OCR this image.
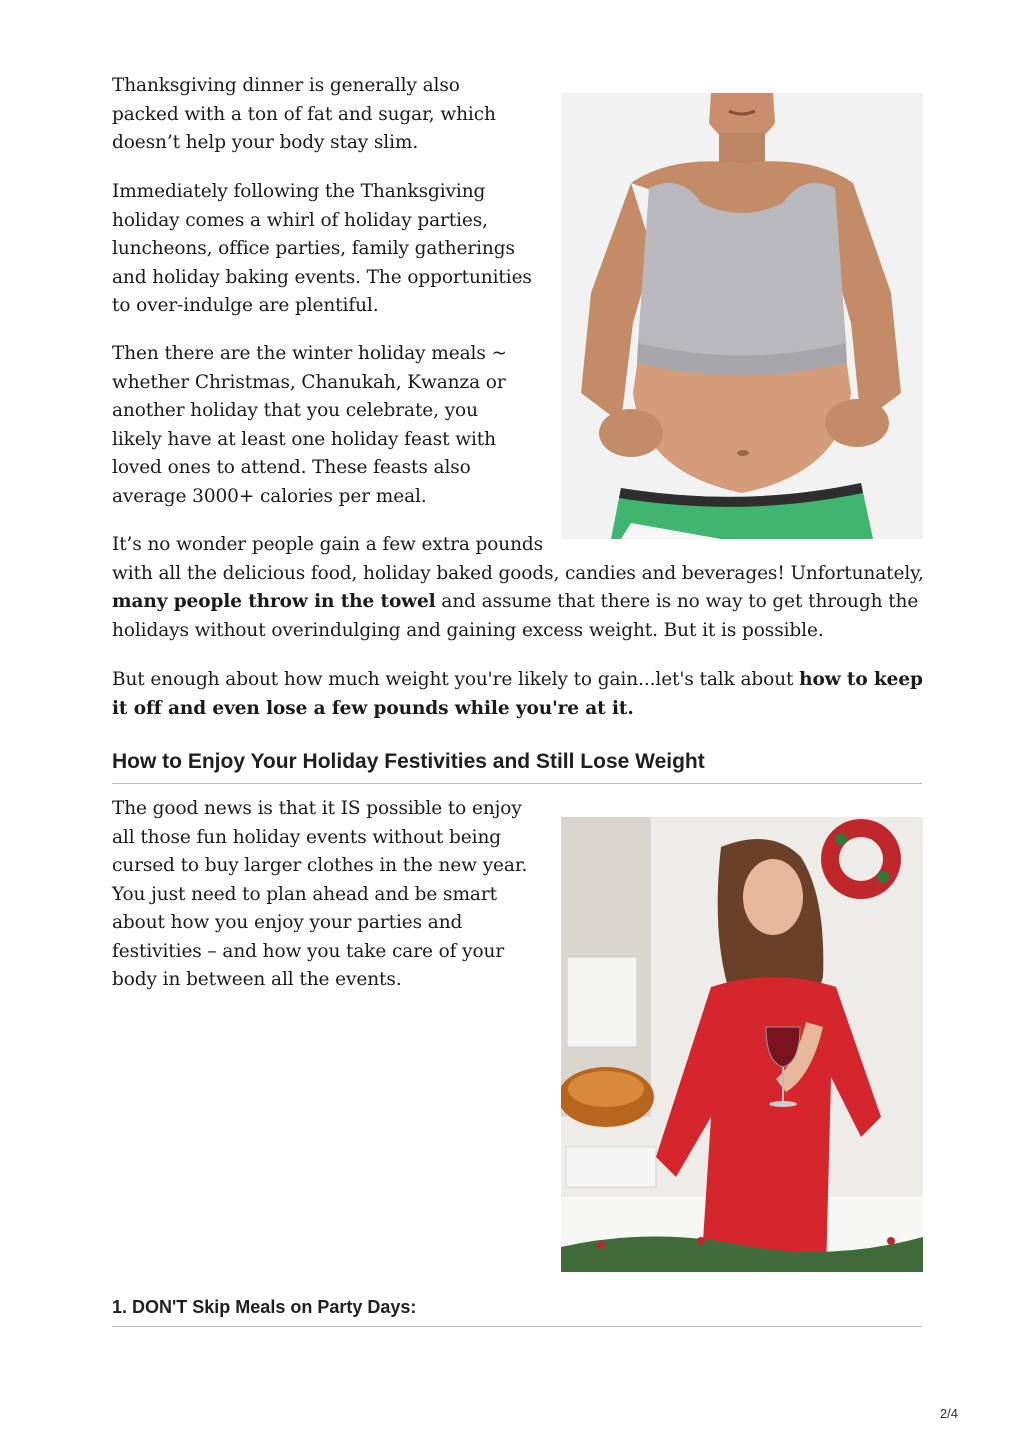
Thanksgiving dinner is generally also packed with a ton of fat and sugar, which doesn’t help your body stay slim.

Immediately following the Thanksgiving holiday comes a whirl of holiday parties, luncheons, office parties, family gatherings and holiday baking events. The opportunities to over-indulge are plentiful.

Then there are the winter holiday meals ~ whether Christmas, Chanukah, Kwanza or another holiday that you celebrate, you likely have at least one holiday feast with loved ones to attend. These feasts also average 3000+ calories per meal.

It’s no wonder people gain a few extra pounds
with all the delicious food, holiday baked goods, candies and beverages! Unfortunately,
many people throw in the towel and assume that there is no way to get through the holidays without overindulging and gaining excess weight. But it is possible.

But enough about how much weight you're likely to gain...let's talk about how to keep it off and even lose a few pounds while you're at it.

How to Enjoy Your Holiday Festivities and Still Lose Weight

The good news is that it IS possible to enjoy all those fun holiday events without being cursed to buy larger clothes in the new year. You just need to plan ahead and be smart about how you enjoy your parties and festivities – and how you take care of your body in between all the events.

1. DON'T Skip Meals on Party Days:
2/4
